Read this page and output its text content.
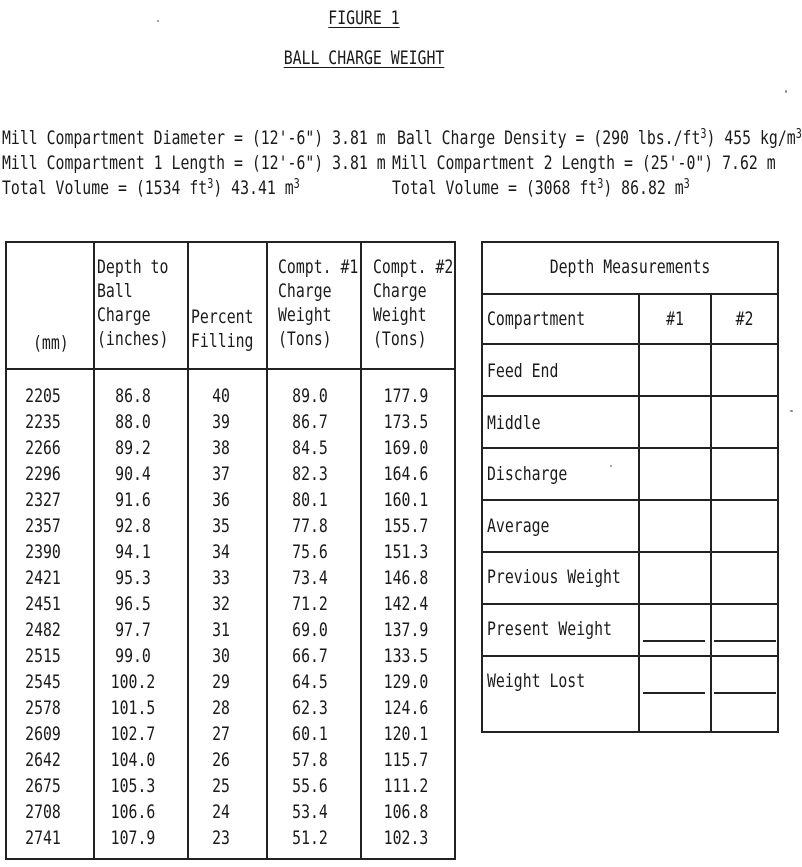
FIGURE 1
BALL CHARGE WEIGHT
Mill Compartment Diameter = (12'-6") 3.81 m
Mill Compartment 1 Length = (12'-6") 3.81 m
Total Volume = (1534 $ft^3$) 43.41 $m^3$
Ball Charge Density = (290 $lbs./ft^3$) 455 $kg/m^3$
Mill Compartment 2 Length = (25'-0") 7.62 m
Total Volume = (3068 $ft^3$) 86.82 $m^3$
(mm)
Depth to
Ball
Charge
(inches)
Percent
Filling
Compt. #1
Charge
Weight
(Tons)
Compt. #2
Charge
Weight
(Tons)
2205
2235
2266
2296
2327
2357
2390
2421
2451
2482
2515
2545
2578
2609
2642
2675
2708
2741
86.8
88.0
89.2
90.4
91.6
92.8
94.1
95.3
96.5
97.7
99.0
100.2
101.5
102.7
104.0
105.3
106.6
107.9
40
39
38
37
36
35
34
33
32
31
30
29
28
27
26
25
24
23
89.0
86.7
84.5
82.3
80.1
77.8
75.6
73.4
71.2
69.0
66.7
64.5
62.3
60.1
57.8
55.6
53.4
51.2
177.9
173.5
169.0
164.6
160.1
155.7
151.3
146.8
142.4
137.9
133.5
129.0
124.6
120.1
115.7
111.2
106.8
102.3
Depth Measurements
Compartment	#1	#2
Feed End
Middle
Discharge
Average
Previous Weight
Present Weight
Weight Lost
